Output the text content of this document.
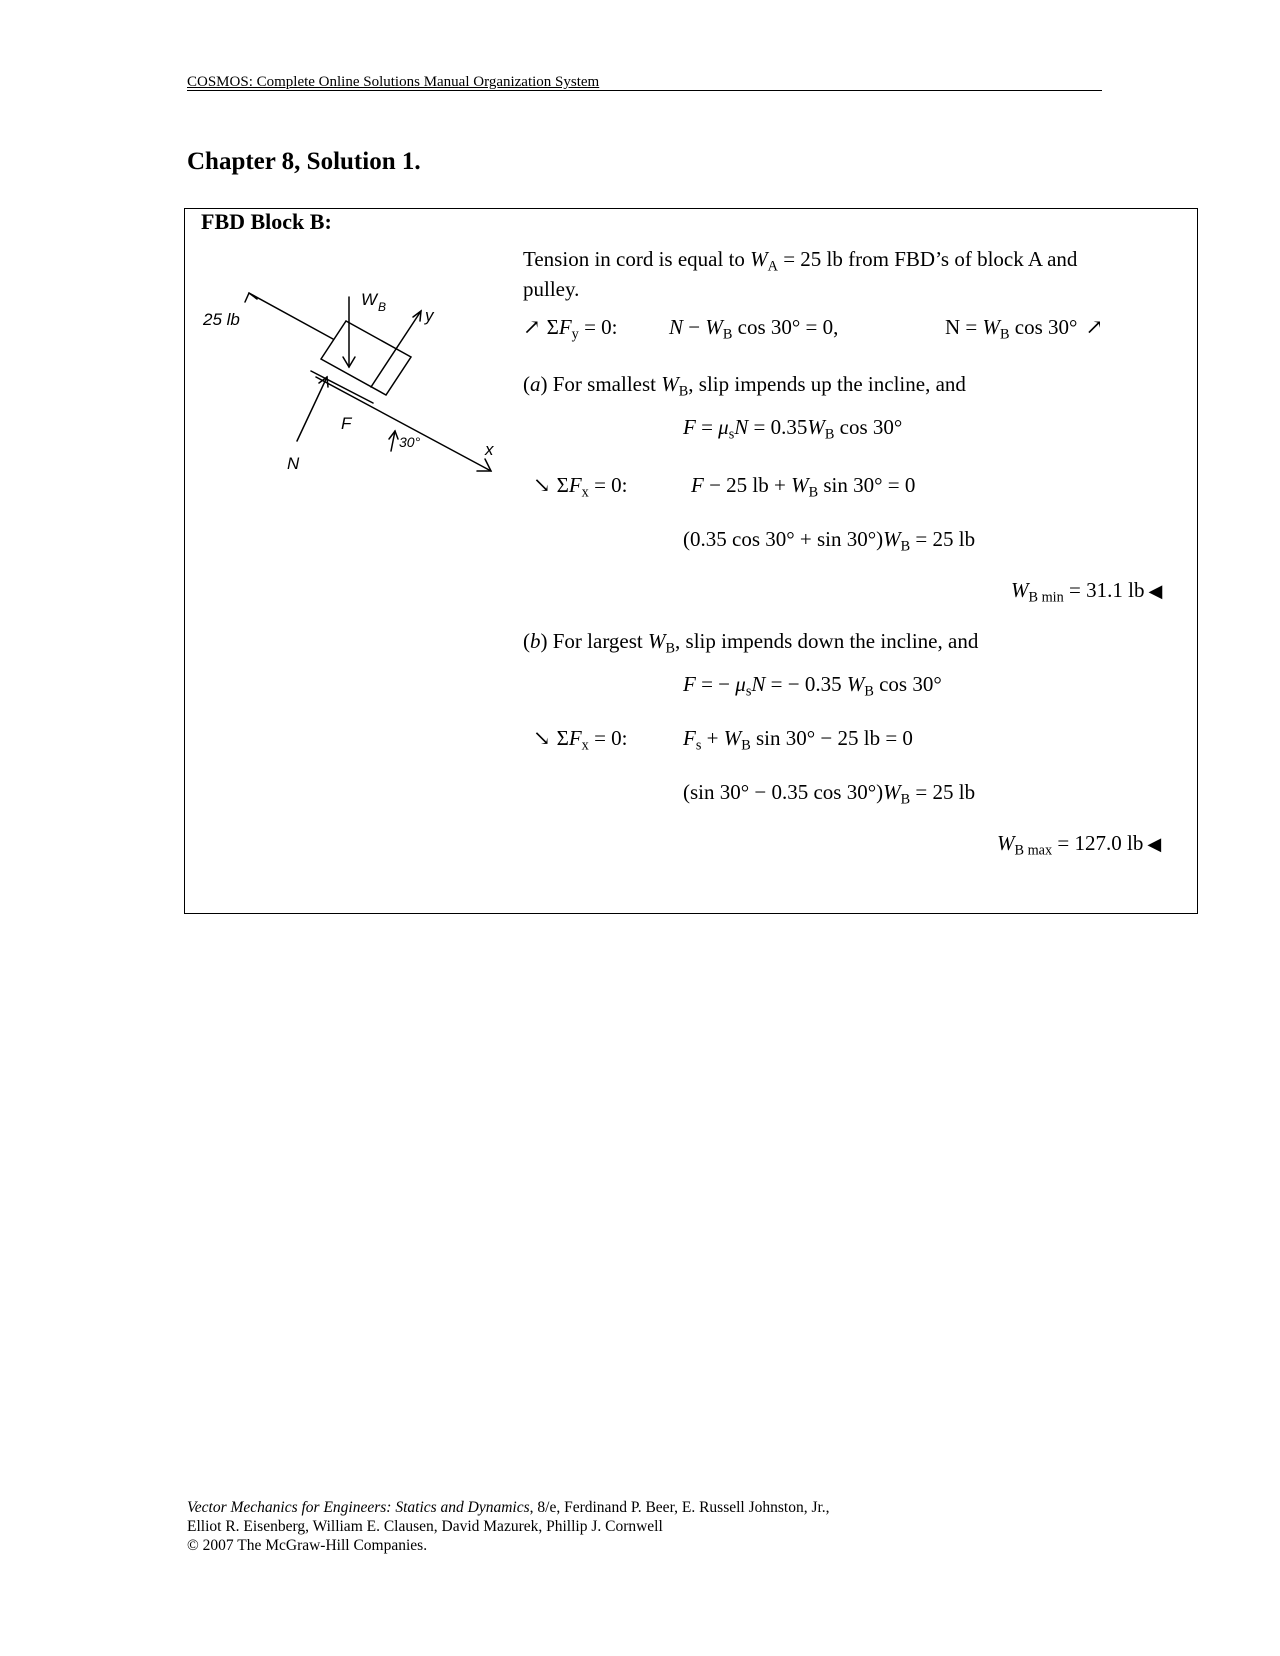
COSMOS: Complete Online Solutions Manual Organization System
Chapter 8, Solution 1.
FBD Block B:
25 lb
W B
N
F
y
x
30°
Tension in cord is equal to $W_A = 25$ lb from FBD’s of block A and
pulley.
↗ $\Sigma F_y = 0$: $N - W_B$ cos 30° = 0,	$N = W_B$ cos 30° ↗
(a) For smallest $W_B$, slip impends up the incline, and
$F = \mu_sN = 0.35W_B$ cos 30°
↘ $\Sigma F_x = 0$:	F − 25 lb + $W_B$ sin 30° = 0
(0.35 $\cos 30^\circ + \sin 30^\circ)W_B = 25$ lb
$W_{B min} = 31.1$ lb ◀
(b) For largest $W_B$, slip impends down the incline, and
F = − $\mu_sN$ = − 0.35 $W_B$ cos 30°
↘ $\Sigma F_x = 0$:	$F_s + W_B$ sin 30° − 25 lb = 0
(sin 30° − 0.35 $\cos 30^\circ)W_B = 25$ lb
$W_{B max} = 127.0$ lb ◀
Vector Mechanics for Engineers: Statics and Dynamics, 8/e, Ferdinand P. Beer, E. Russell Johnston, Jr.,
Elliot R. Eisenberg, William E. Clausen, David Mazurek, Phillip J. Cornwell
© 2007 The McGraw-Hill Companies.
